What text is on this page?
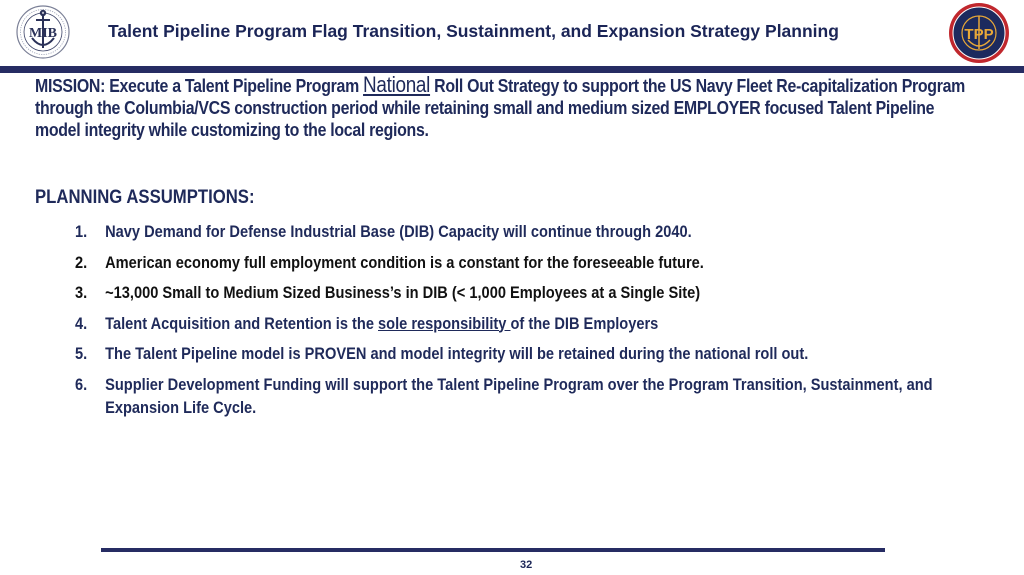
MIB	Talent Pipeline Program Flag Transition, Sustainment, and Expansion Strategy Planning	TPP
MISSION: Execute a Talent Pipeline Program National Roll Out Strategy to support the US Navy Fleet Re-capitalization Program through the Columbia/VCS construction period while retaining small and medium sized EMPLOYER focused Talent Pipeline model integrity while customizing to the local regions.
PLANNING ASSUMPTIONS:
1. Navy Demand for Defense Industrial Base (DIB) Capacity will continue through 2040.
2. American economy full employment condition is a constant for the foreseeable future.
3. ~13,000 Small to Medium Sized Business’s in DIB (< 1,000 Employees at a Single Site)
4. Talent Acquisition and Retention is the sole responsibility of the DIB Employers
5. The Talent Pipeline model is PROVEN and model integrity will be retained during the national roll out.
6. Supplier Development Funding will support the Talent Pipeline Program over the Program Transition, Sustainment, and Expansion Life Cycle.
32
